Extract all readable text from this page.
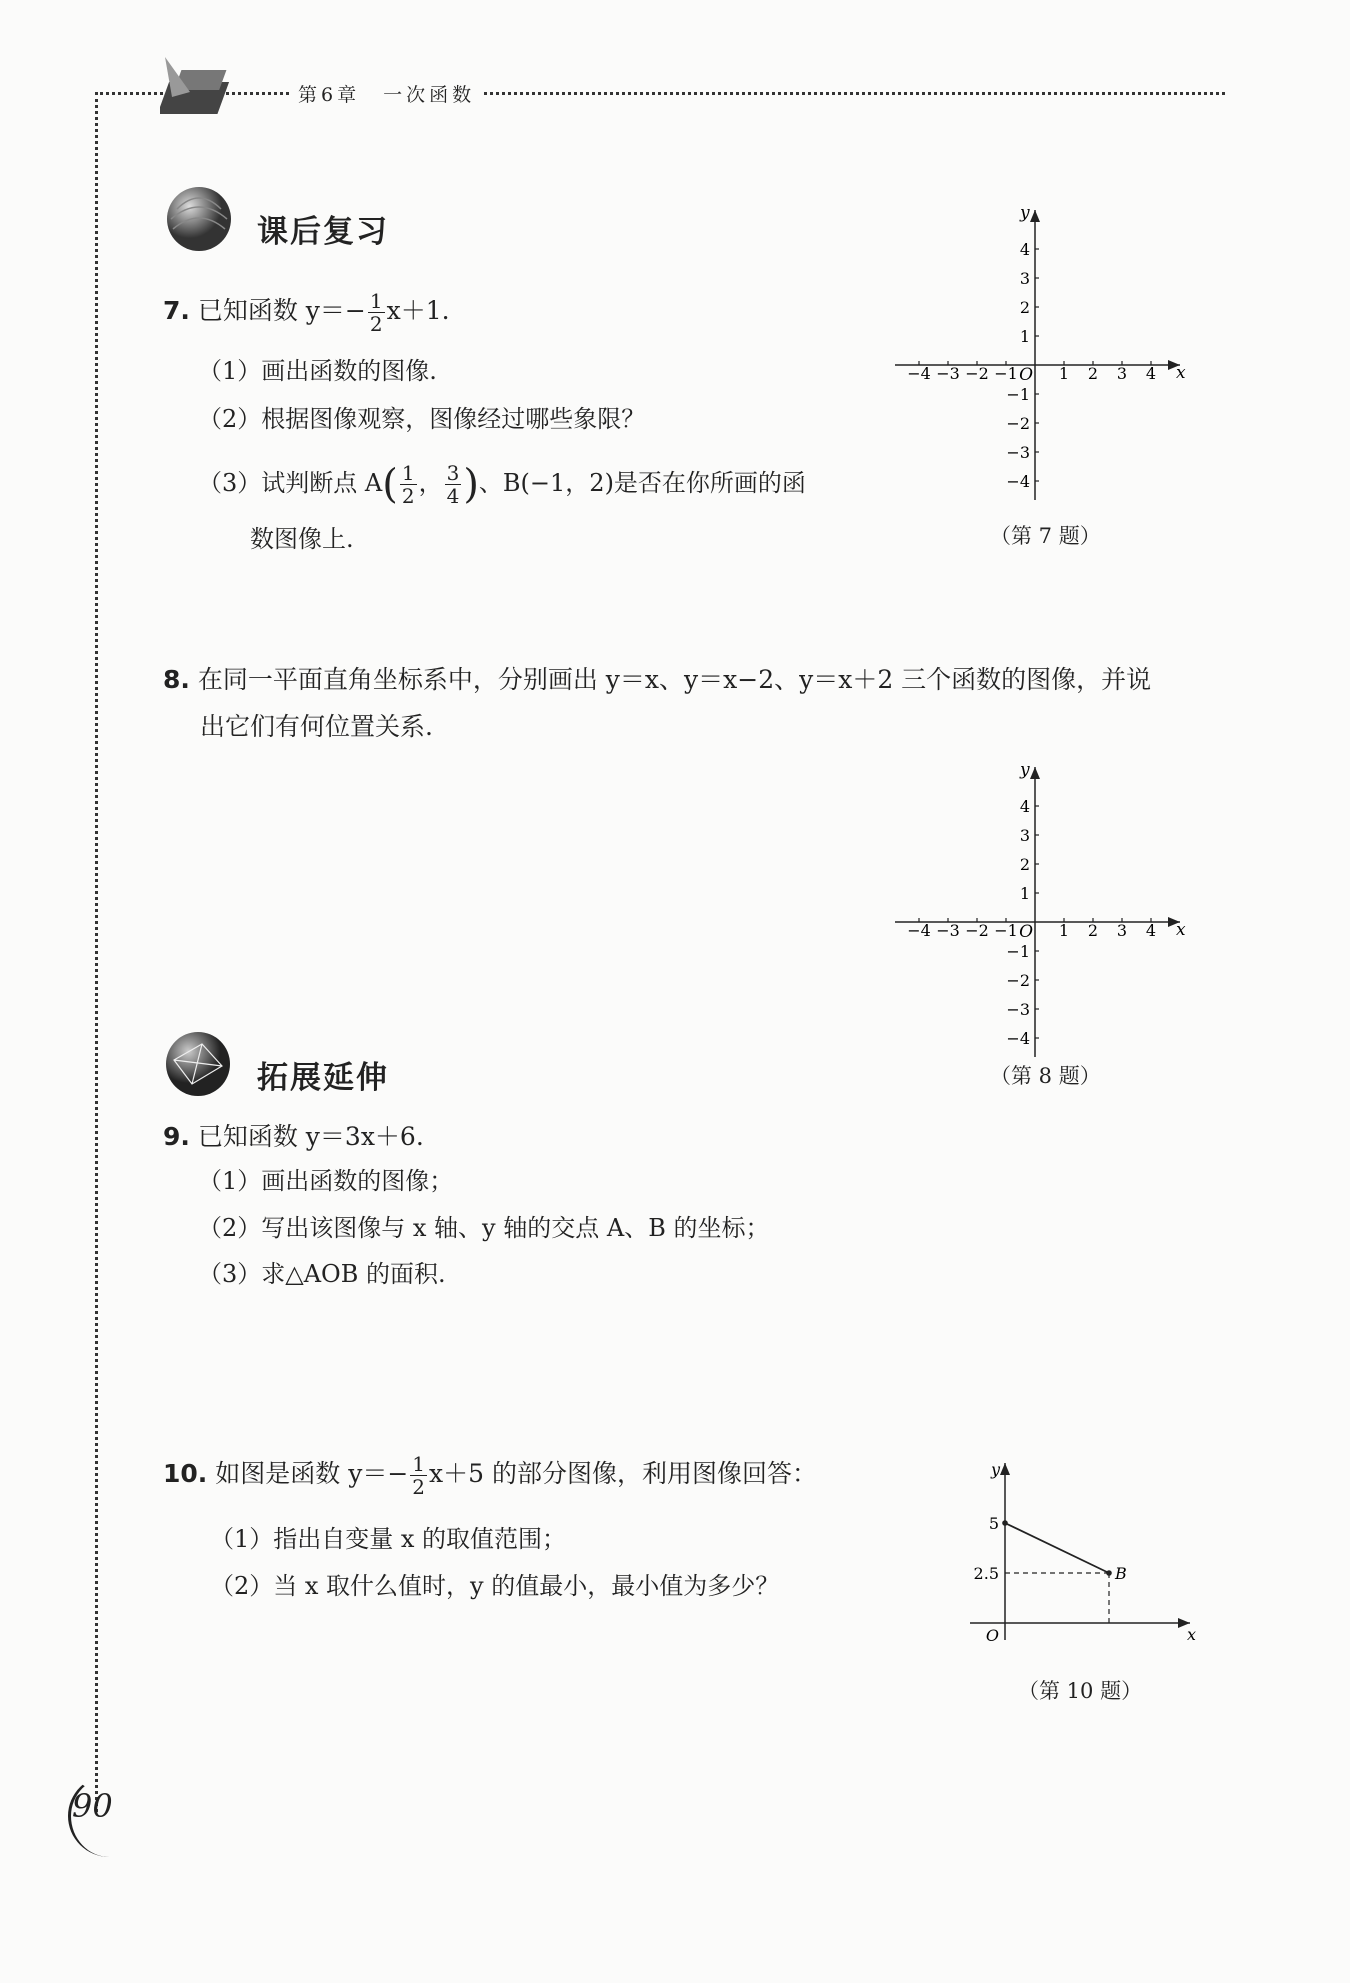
第6章　一次函数
课后复习
7. 已知函数 $y=- \frac{1}{2} x+1$.
（1）画出函数的图像.
（2）根据图像观察，图像经过哪些象限？
（3）试判断点 $A( \frac{1}{2}$ ， $\frac{3}{4}$ )、B(−1，2)是否在你所画的函
数图像上.
−4 −3 −2 −1	1 2 3 4
4
3
2
1
−1
−2
−3
−4
O	x
y
（第 7 题）
8. 在同一平面直角坐标系中，分别画出 y＝x、y＝x−2、y＝x＋2 三个函数的图像，并说
出它们有何位置关系.
−4 −3 −2 −1	1 2 3 4
4
3
2
1
−1
−2
−3
−4
O	x
y
（第 8 题）
拓展延伸
9. 已知函数 y＝3x＋6.
（1）画出函数的图像；
（2）写出该图像与 x 轴、y 轴的交点 A、B 的坐标；
（3）求△AOB 的面积.
10. 如图是函数 $y=- \frac{1}{2} x+5$ 的部分图像，利用图像回答：
（1）指出自变量 x 的取值范围；
（2）当 x 取什么值时，y 的值最小，最小值为多少？
y
x
O
5
2.5	B
（第 10 题）
90
